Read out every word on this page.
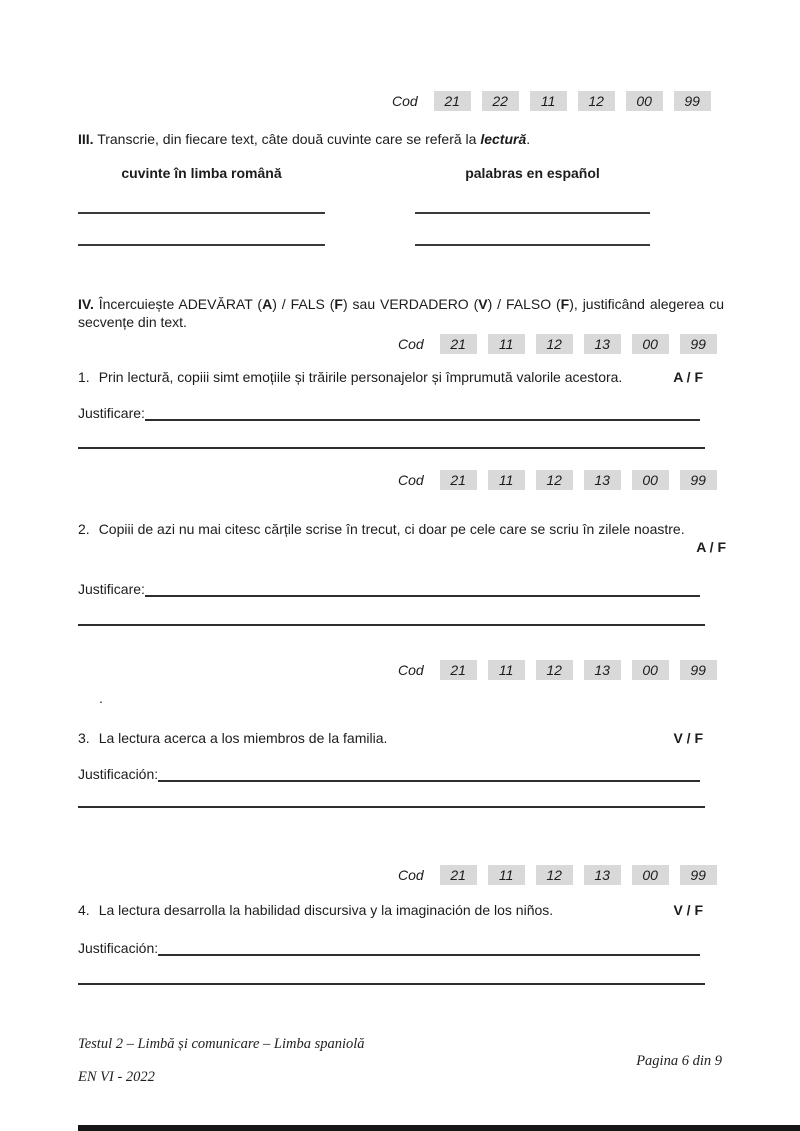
Cod	21	22	11	12	00	99
III. Transcrie, din fiecare text, câte două cuvinte care se referă la lectură.
cuvinte în limba română	palabras en español
IV. Încercuiește ADEVĂRAT (A) / FALS (F) sau VERDADERO (V) / FALSO (F), justificând alegerea cu secvențe din text.
Cod	21	11	12	13	00	99
1. Prin lectură, copiii simt emoțiile și trăirile personajelor și împrumută valorile acestora.	A / F
Justificare:
Cod	21	11	12	13	00	99
2. Copiii de azi nu mai citesc cărțile scrise în trecut, ci doar pe cele care se scriu în zilele noastre.
A / F
Justificare:
Cod	21	11	12	13	00	99
.
3. La lectura acerca a los miembros de la familia.	V / F
Justificación:
Cod	21	11	12	13	00	99
4. La lectura desarrolla la habilidad discursiva y la imaginación de los niños.	V / F
Justificación:
Testul 2 – Limbă și comunicare – Limba spaniolă
Pagina 6 din 9
EN VI - 2022
